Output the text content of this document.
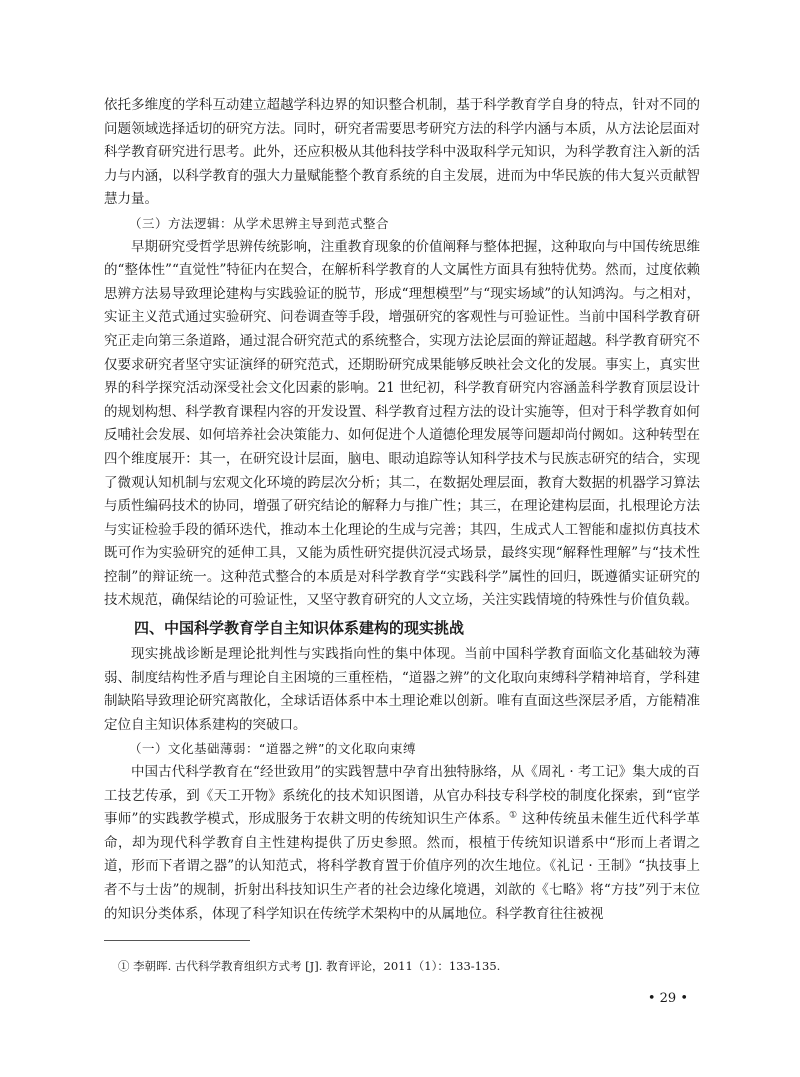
依托多维度的学科互动建立超越学科边界的知识整合机制，基于科学教育学自身的特点，针对不同的问题领域选择适切的研究方法。同时，研究者需要思考研究方法的科学内涵与本质，从方法论层面对科学教育研究进行思考。此外，还应积极从其他科技学科中汲取科学元知识，为科学教育注入新的活力与内涵，以科学教育的强大力量赋能整个教育系统的自主发展，进而为中华民族的伟大复兴贡献智慧力量。

（三）方法逻辑：从学术思辨主导到范式整合

早期研究受哲学思辨传统影响，注重教育现象的价值阐释与整体把握，这种取向与中国传统思维的“整体性”“直觉性”特征内在契合，在解析科学教育的人文属性方面具有独特优势。然而，过度依赖思辨方法易导致理论建构与实践验证的脱节，形成“理想模型”与“现实场域”的认知鸿沟。与之相对，实证主义范式通过实验研究、问卷调查等手段，增强研究的客观性与可验证性。当前中国科学教育研究正走向第三条道路，通过混合研究范式的系统整合，实现方法论层面的辩证超越。科学教育研究不仅要求研究者坚守实证演绎的研究范式，还期盼研究成果能够反映社会文化的发展。事实上，真实世界的科学探究活动深受社会文化因素的影响。21 世纪初，科学教育研究内容涵盖科学教育顶层设计的规划构想、科学教育课程内容的开发设置、科学教育过程方法的设计实施等，但对于科学教育如何反哺社会发展、如何培养社会决策能力、如何促进个人道德伦理发展等问题却尚付阙如。这种转型在四个维度展开：其一，在研究设计层面，脑电、眼动追踪等认知科学技术与民族志研究的结合，实现了微观认知机制与宏观文化环境的跨层次分析；其二，在数据处理层面，教育大数据的机器学习算法与质性编码技术的协同，增强了研究结论的解释力与推广性；其三，在理论建构层面，扎根理论方法与实证检验手段的循环迭代，推动本土化理论的生成与完善；其四，生成式人工智能和虚拟仿真技术既可作为实验研究的延伸工具，又能为质性研究提供沉浸式场景，最终实现“解释性理解”与“技术性控制”的辩证统一。这种范式整合的本质是对科学教育学“实践科学”属性的回归，既遵循实证研究的技术规范，确保结论的可验证性，又坚守教育研究的人文立场，关注实践情境的特殊性与价值负载。

四、中国科学教育学自主知识体系建构的现实挑战

现实挑战诊断是理论批判性与实践指向性的集中体现。当前中国科学教育面临文化基础较为薄弱、制度结构性矛盾与理论自主困境的三重桎梏，“道器之辨”的文化取向束缚科学精神培育，学科建制缺陷导致理论研究离散化，全球话语体系中本土理论难以创新。唯有直面这些深层矛盾，方能精准定位自主知识体系建构的突破口。

（一）文化基础薄弱：“道器之辨”的文化取向束缚

中国古代科学教育在“经世致用”的实践智慧中孕育出独特脉络，从《周礼 · 考工记》集大成的百工技艺传承，到《天工开物》系统化的技术知识图谱，从官办科技专科学校的制度化探索，到“宦学事师”的实践教学模式，形成服务于农耕文明的传统知识生产体系。① 这种传统虽未催生近代科学革命，却为现代科学教育自主性建构提供了历史参照。然而，根植于传统知识谱系中“形而上者谓之道，形而下者谓之器”的认知范式，将科学教育置于价值序列的次生地位。《礼记 · 王制》“执技事上者不与士齿”的规制，折射出科技知识生产者的社会边缘化境遇，刘歆的《七略》将“方技”列于末位的知识分类体系，体现了科学知识在传统学术架构中的从属地位。科学教育往往被视

① 李朝晖. 古代科学教育组织方式考 [J]. 教育评论，2011（1）：133-135.

• 29 •
